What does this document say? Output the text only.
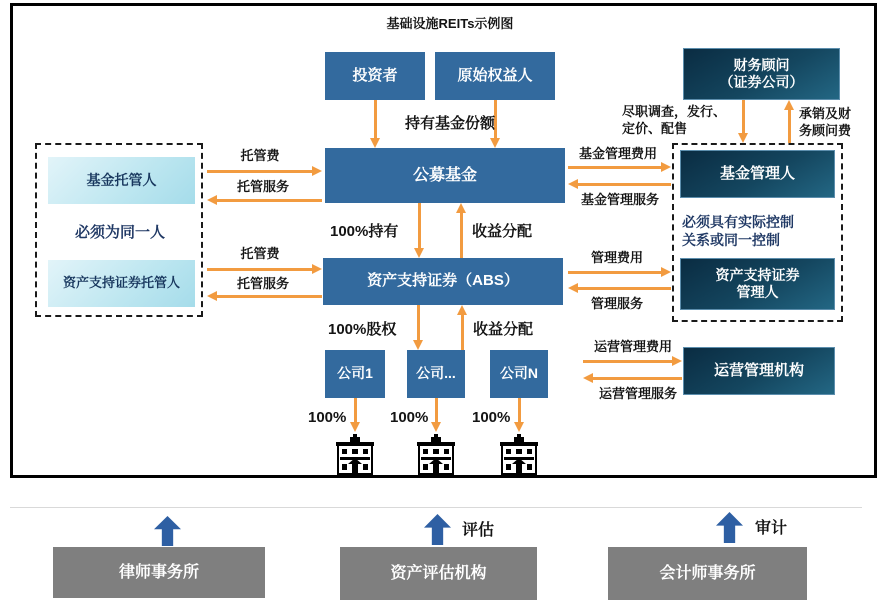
基础设施REITs示例图
投资者	原始权益人
财务顾问
（证券公司）
持有基金份额
尽职调查，发行、
定价、配售
承销及财
务顾问费
公募基金
基金托管人
必须为同一人
资产支持证券托管人
托管费
托管服务
托管费
托管服务
基金管理人
必须具有实际控制
关系或同一控制
资产支持证券
管理人
基金管理费用
基金管理服务
100%持有	收益分配
资产支持证券（ABS）
管理费用
管理服务
100%股权	收益分配
公司1	公司...	公司N	运营管理机构
运营管理费用
运营管理服务
100%	100%	100%
律师事务所
评估
资产评估机构
审计
会计师事务所
